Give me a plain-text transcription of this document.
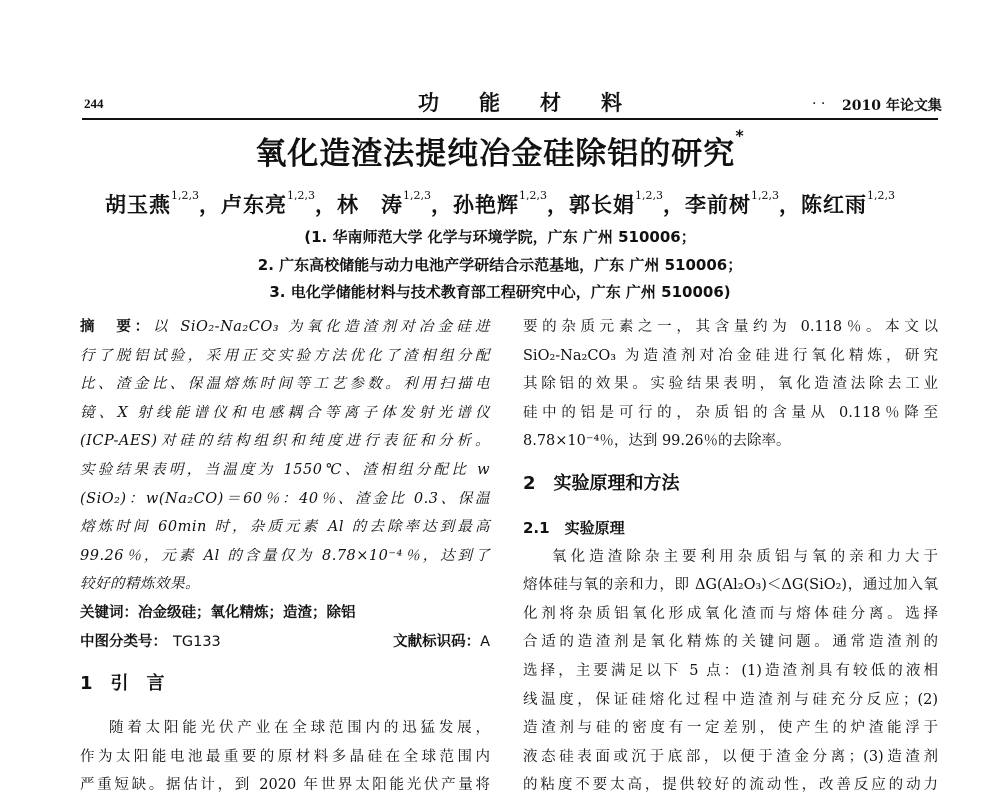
244	功能材料	. . 2010 年论文集
氧化造渣法提纯冶金硅除铝的研究*
胡玉燕$^{1,2,3}$，卢东亮$^{1,2,3}$，林　涛$^{1,2,3}$，孙艳辉$^{1,2,3}$，郭长娟$^{1,2,3}$，李前树$^{1,2,3}$，陈红雨$^{1,2,3}$
(1. 华南师范大学 化学与环境学院，广东 广州 510006；
2. 广东高校储能与动力电池产学研结合示范基地，广东 广州 510006；
3. 电化学储能材料与技术教育部工程研究中心，广东 广州 510006)
摘　要：以 SiO₂-Na₂CO₃ 为氧化造渣剂对冶金硅进
行了脱铝试验，采用正交实验方法优化了渣相组分配
比、渣金比、保温熔炼时间等工艺参数。利用扫描电
镜、X 射线能谱仪和电感耦合等离子体发射光谱仪
(ICP-AES)对硅的结构组织和纯度进行表征和分析。
实验结果表明，当温度为 1550℃、渣相组分配比 w
(SiO₂)：w(Na₂CO)＝60％：40％、渣金比 0.3、保温
熔炼时间 60min 时，杂质元素 Al 的去除率达到最高
99.26％，元素 Al 的含量仅为 8.78×10⁻⁴％，达到了
较好的精炼效果。
关键词：冶金级硅；氧化精炼；造渣；除铝
中图分类号： TG133	文献标识码：A
1　引　言
随着太阳能光伏产业在全球范围内的迅猛发展，
作为太阳能电池最重要的原材料多晶硅在全球范围内
严重短缺。据估计，到 2020 年世界太阳能光伏产量将
要的杂质元素之一，其含量约为 0.118％。本文以
SiO₂-Na₂CO₃ 为造渣剂对冶金硅进行氧化精炼，研究
其除铝的效果。实验结果表明，氧化造渣法除去工业
硅中的铝是可行的，杂质铝的含量从 0.118％降至
8.78×10⁻⁴％，达到 99.26％的去除率。
2　实验原理和方法
2.1　实验原理
氧化造渣除杂主要利用杂质铝与氧的亲和力大于
熔体硅与氧的亲和力，即 ΔG(Al₂O₃)＜ΔG(SiO₂)，通过加入氧
化剂将杂质铝氧化形成氧化渣而与熔体硅分离。选择
合适的造渣剂是氧化精炼的关键问题。通常造渣剂的
选择，主要满足以下 5 点：(1)造渣剂具有较低的液相
线温度，保证硅熔化过程中造渣剂与硅充分反应；(2)
造渣剂与硅的密度有一定差别，使产生的炉渣能浮于
液态硅表面或沉于底部，以便于渣金分离；(3)造渣剂
的粘度不要太高，提供较好的流动性，改善反应的动力
